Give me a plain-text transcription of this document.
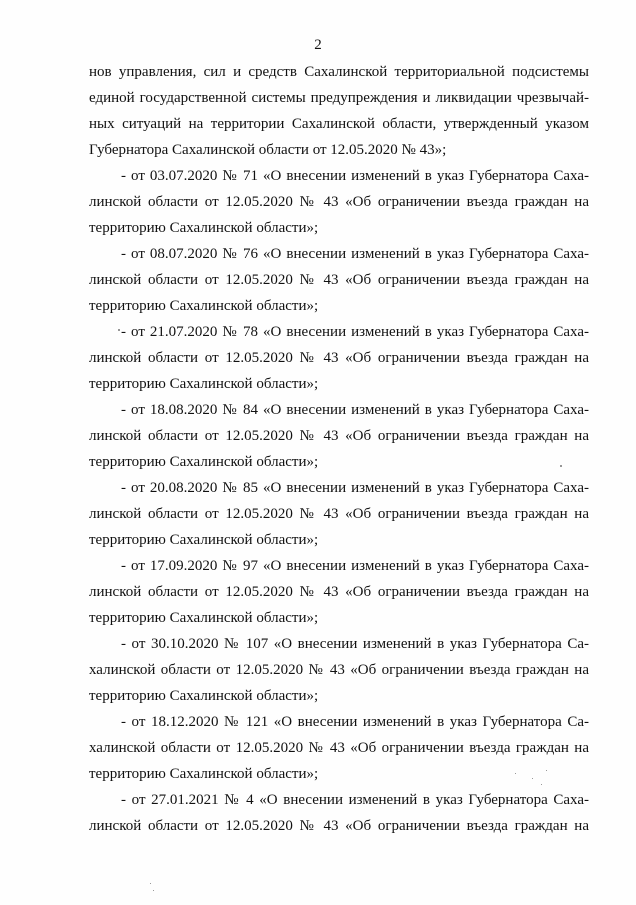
2
нов управления, сил и средств Сахалинской территориальной подсистемы
единой государственной системы предупреждения и ликвидации чрезвычай-
ных ситуаций на территории Сахалинской области, утвержденный указом
Губернатора Сахалинской области от 12.05.2020 № 43»;
- от 03.07.2020 № 71 «О внесении изменений в указ Губернатора Саха-
линской области от 12.05.2020 № 43 «Об ограничении въезда граждан на
территорию Сахалинской области»;
- от 08.07.2020 № 76 «О внесении изменений в указ Губернатора Саха-
линской области от 12.05.2020 № 43 «Об ограничении въезда граждан на
территорию Сахалинской области»;
- от 21.07.2020 № 78 «О внесении изменений в указ Губернатора Саха-
линской области от 12.05.2020 № 43 «Об ограничении въезда граждан на
территорию Сахалинской области»;
- от 18.08.2020 № 84 «О внесении изменений в указ Губернатора Саха-
линской области от 12.05.2020 № 43 «Об ограничении въезда граждан на
территорию Сахалинской области»;
- от 20.08.2020 № 85 «О внесении изменений в указ Губернатора Саха-
линской области от 12.05.2020 № 43 «Об ограничении въезда граждан на
территорию Сахалинской области»;
- от 17.09.2020 № 97 «О внесении изменений в указ Губернатора Саха-
линской области от 12.05.2020 № 43 «Об ограничении въезда граждан на
территорию Сахалинской области»;
- от 30.10.2020 № 107 «О внесении изменений в указ Губернатора Са-
халинской области от 12.05.2020 № 43 «Об ограничении въезда граждан на
территорию Сахалинской области»;
- от 18.12.2020 № 121 «О внесении изменений в указ Губернатора Са-
халинской области от 12.05.2020 № 43 «Об ограничении въезда граждан на
территорию Сахалинской области»;
- от 27.01.2021 № 4 «О внесении изменений в указ Губернатора Саха-
линской области от 12.05.2020 № 43 «Об ограничении въезда граждан на
